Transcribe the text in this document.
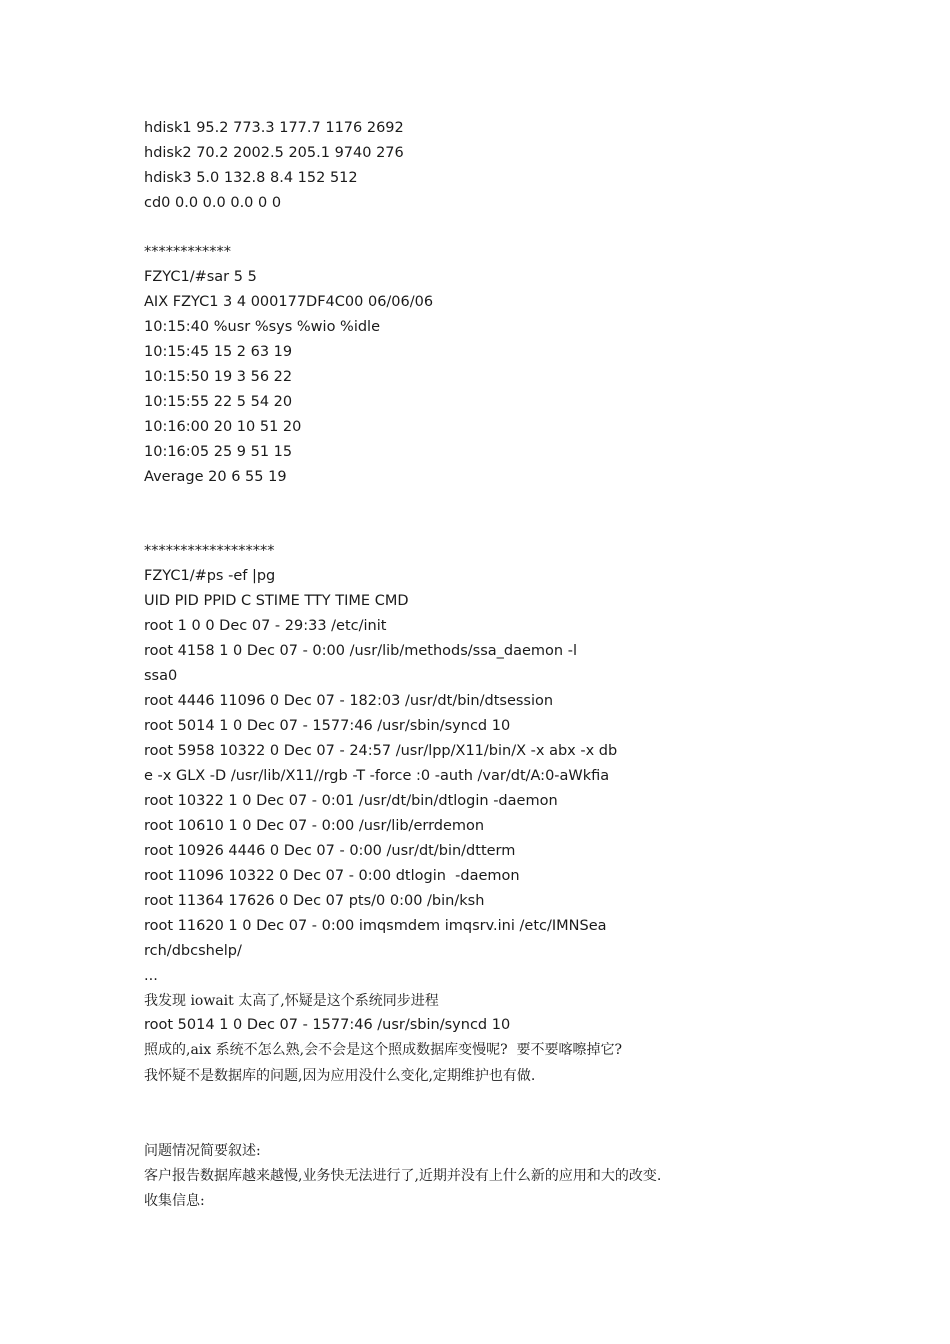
hdisk1 95.2 773.3 177.7 1176 2692
hdisk2 70.2 2002.5 205.1 9740 276
hdisk3 5.0 132.8 8.4 152 512
cd0 0.0 0.0 0.0 0 0
************
FZYC1/#sar 5 5
AIX FZYC1 3 4 000177DF4C00 06/06/06
10:15:40 %usr %sys %wio %idle
10:15:45 15 2 63 19
10:15:50 19 3 56 22
10:15:55 22 5 54 20
10:16:00 20 10 51 20
10:16:05 25 9 51 15
Average 20 6 55 19
******************
FZYC1/#ps -ef |pg
UID PID PPID C STIME TTY TIME CMD
root 1 0 0 Dec 07 - 29:33 /etc/init
root 4158 1 0 Dec 07 - 0:00 /usr/lib/methods/ssa_daemon -l
ssa0
root 4446 11096 0 Dec 07 - 182:03 /usr/dt/bin/dtsession
root 5014 1 0 Dec 07 - 1577:46 /usr/sbin/syncd 10
root 5958 10322 0 Dec 07 - 24:57 /usr/lpp/X11/bin/X -x abx -x db
e -x GLX -D /usr/lib/X11//rgb -T -force :0 -auth /var/dt/A:0-aWkfia
root 10322 1 0 Dec 07 - 0:01 /usr/dt/bin/dtlogin -daemon
root 10610 1 0 Dec 07 - 0:00 /usr/lib/errdemon
root 10926 4446 0 Dec 07 - 0:00 /usr/dt/bin/dtterm
root 11096 10322 0 Dec 07 - 0:00 dtlogin  -daemon
root 11364 17626 0 Dec 07 pts/0 0:00 /bin/ksh
root 11620 1 0 Dec 07 - 0:00 imqsmdem imqsrv.ini /etc/IMNSea
rch/dbcshelp/
...
我发现 iowait 太高了,怀疑是这个系统同步进程
root 5014 1 0 Dec 07 - 1577:46 /usr/sbin/syncd 10
照成的,aix 系统不怎么熟,会不会是这个照成数据库变慢呢?  要不要喀嚓掉它?
我怀疑不是数据库的问题,因为应用没什么变化,定期维护也有做.
问题情况简要叙述:
客户报告数据库越来越慢,业务快无法进行了,近期并没有上什么新的应用和大的改变.
收集信息:
